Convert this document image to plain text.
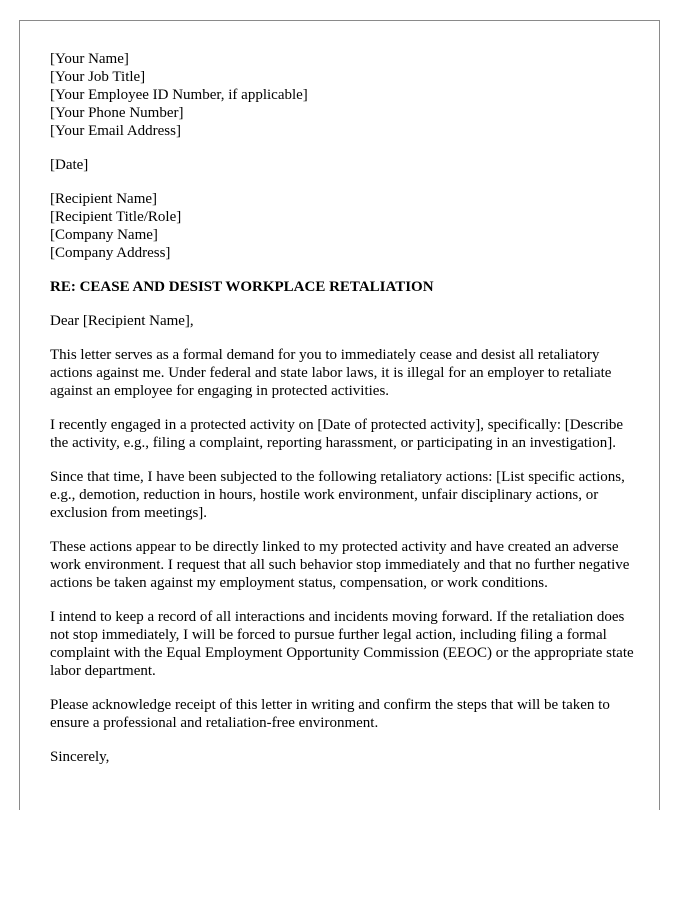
[Your Name]
[Your Job Title]
[Your Employee ID Number, if applicable]
[Your Phone Number]
[Your Email Address]
[Date]
[Recipient Name]
[Recipient Title/Role]
[Company Name]
[Company Address]
RE: CEASE AND DESIST WORKPLACE RETALIATION
Dear [Recipient Name],

This letter serves as a formal demand for you to immediately cease and desist all retaliatory actions against me. Under federal and state labor laws, it is illegal for an employer to retaliate against an employee for engaging in protected activities.

I recently engaged in a protected activity on [Date of protected activity], specifically: [Describe the activity, e.g., filing a complaint, reporting harassment, or participating in an investigation].

Since that time, I have been subjected to the following retaliatory actions: [List specific actions, e.g., demotion, reduction in hours, hostile work environment, unfair disciplinary actions, or exclusion from meetings].

These actions appear to be directly linked to my protected activity and have created an adverse work environment. I request that all such behavior stop immediately and that no further negative actions be taken against my employment status, compensation, or work conditions.

I intend to keep a record of all interactions and incidents moving forward. If the retaliation does not stop immediately, I will be forced to pursue further legal action, including filing a formal complaint with the Equal Employment Opportunity Commission (EEOC) or the appropriate state labor department.

Please acknowledge receipt of this letter in writing and confirm the steps that will be taken to ensure a professional and retaliation-free environment.

Sincerely,
